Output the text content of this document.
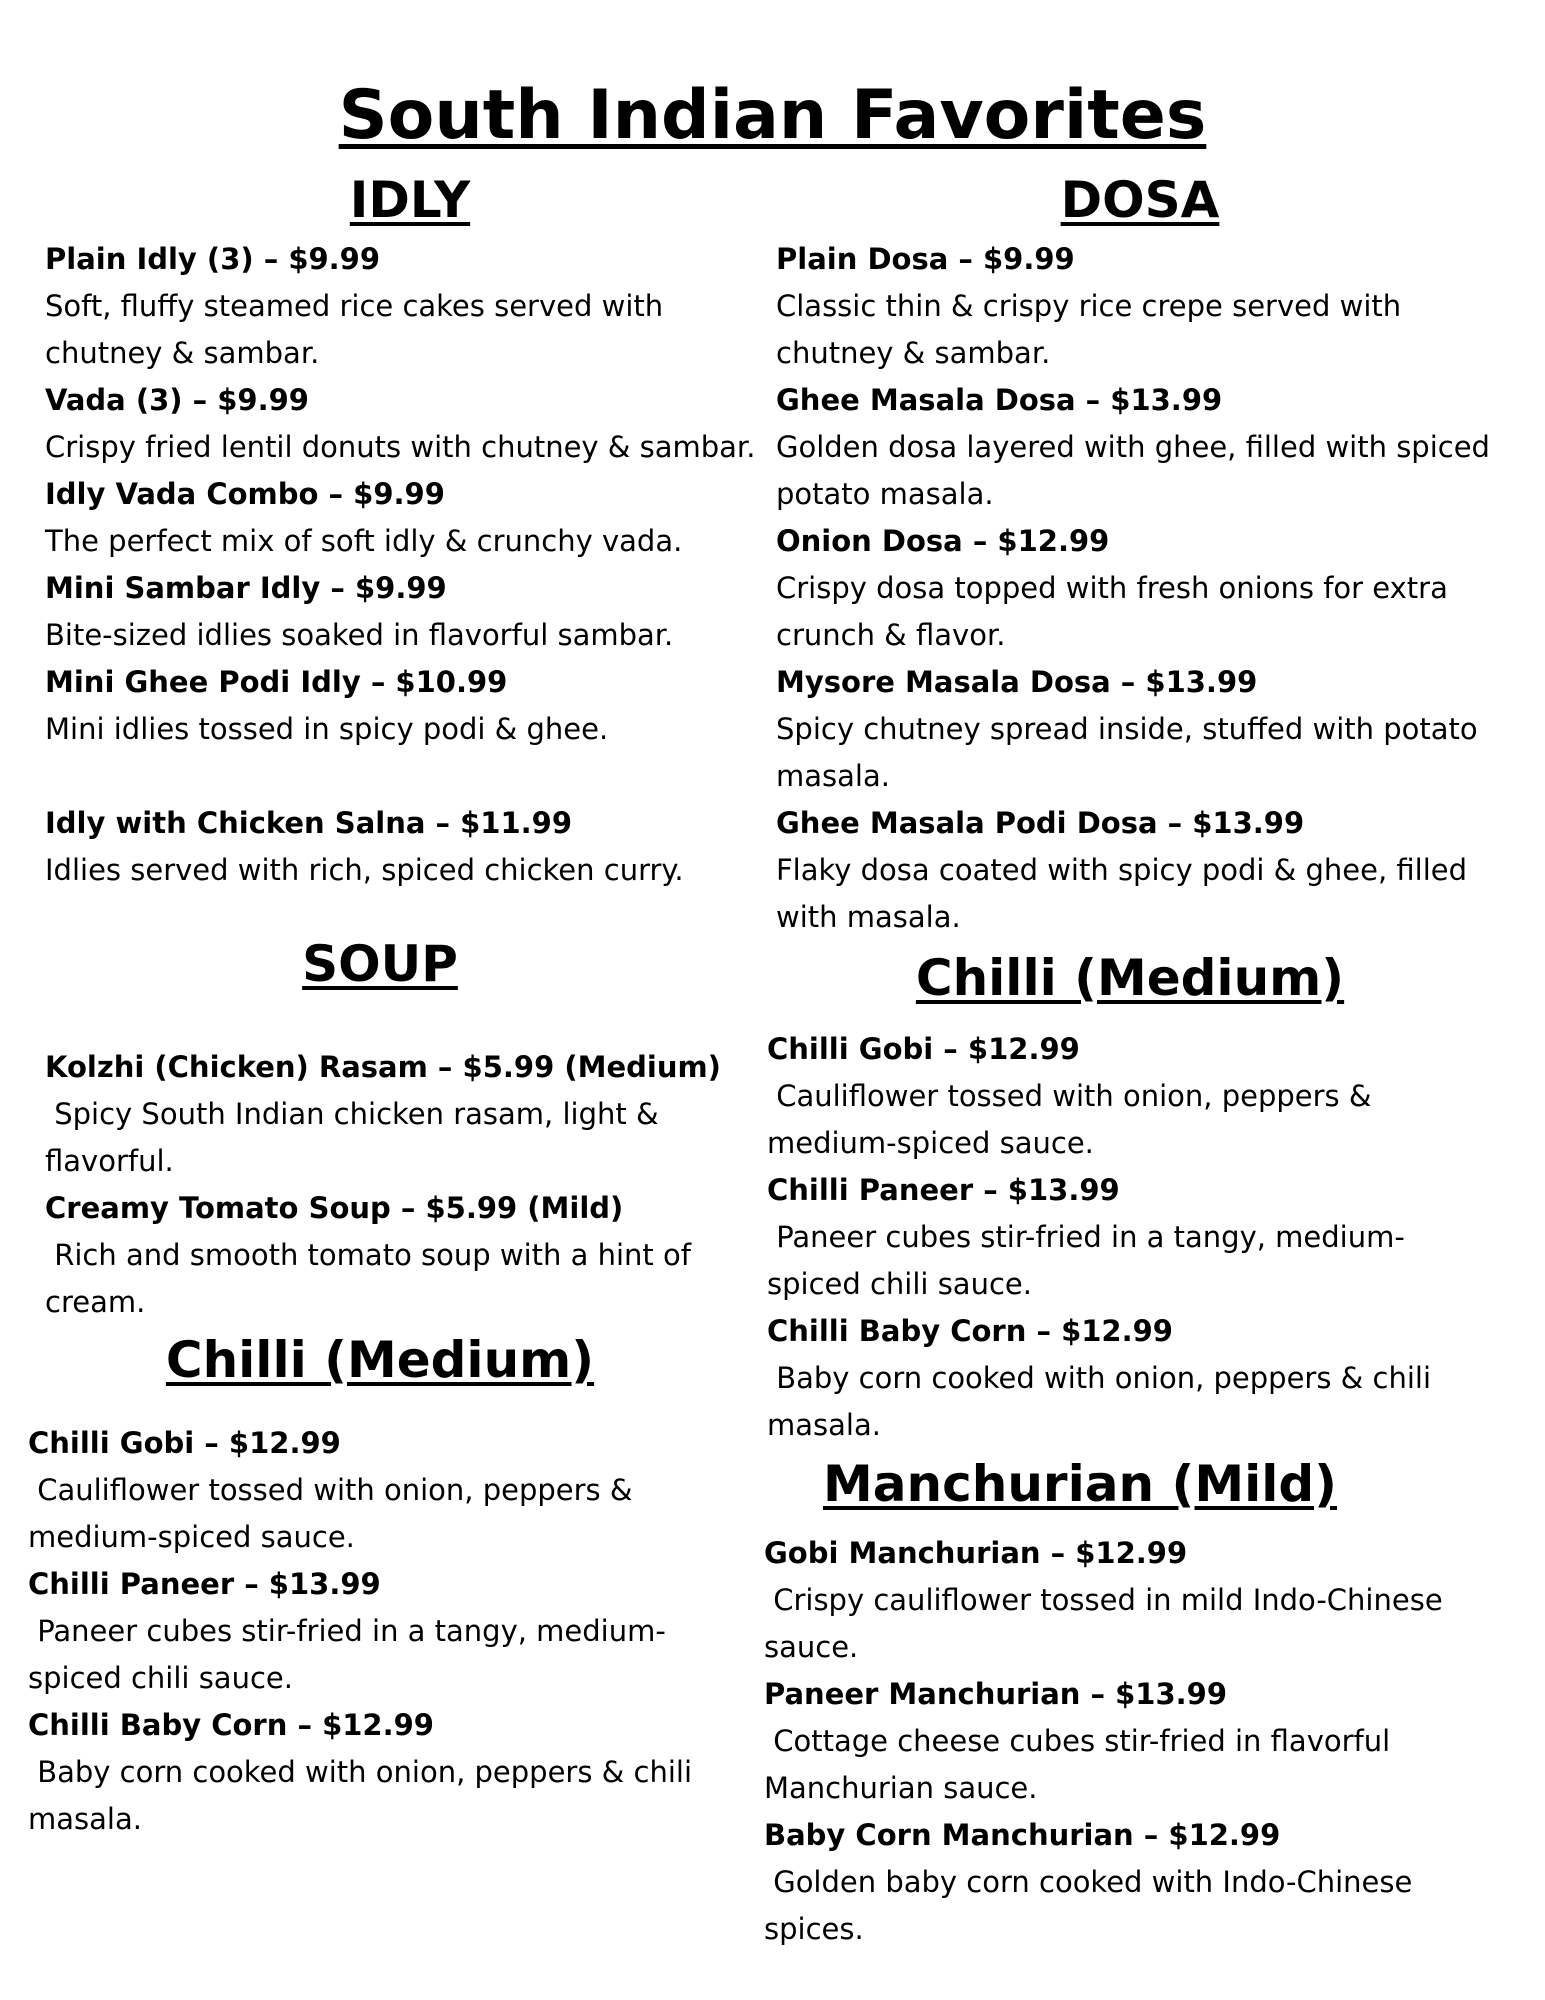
South Indian Favorites
IDLY
Plain Idly (3) – $9.99
Soft, fluffy steamed rice cakes served with chutney & sambar.
Vada (3) – $9.99
Crispy fried lentil donuts with chutney & sambar.
Idly Vada Combo – $9.99
The perfect mix of soft idly & crunchy vada.
Mini Sambar Idly – $9.99
Bite-sized idlies soaked in flavorful sambar.
Mini Ghee Podi Idly – $10.99
Mini idlies tossed in spicy podi & ghee.
Idly with Chicken Salna – $11.99
Idlies served with rich, spiced chicken curry.
DOSA
Plain Dosa – $9.99
Classic thin & crispy rice crepe served with chutney & sambar.
Ghee Masala Dosa – $13.99
Golden dosa layered with ghee, filled with spiced potato masala.
Onion Dosa – $12.99
Crispy dosa topped with fresh onions for extra crunch & flavor.
Mysore Masala Dosa – $13.99
Spicy chutney spread inside, stuffed with potato masala.
Ghee Masala Podi Dosa – $13.99
Flaky dosa coated with spicy podi & ghee, filled with masala.
SOUP
Kolzhi (Chicken) Rasam – $5.99 (Medium)
Spicy South Indian chicken rasam, light & flavorful.
Creamy Tomato Soup – $5.99 (Mild)
Rich and smooth tomato soup with a hint of cream.
Chilli (Medium)
Chilli Gobi – $12.99
Cauliflower tossed with onion, peppers & medium-spiced sauce.
Chilli Paneer – $13.99
Paneer cubes stir-fried in a tangy, medium-spiced chili sauce.
Chilli Baby Corn – $12.99
Baby corn cooked with onion, peppers & chili masala.
Chilli (Medium)
Chilli Gobi – $12.99
Cauliflower tossed with onion, peppers & medium-spiced sauce.
Chilli Paneer – $13.99
Paneer cubes stir-fried in a tangy, medium-spiced chili sauce.
Chilli Baby Corn – $12.99
Baby corn cooked with onion, peppers & chili masala.
Manchurian (Mild)
Gobi Manchurian – $12.99
Crispy cauliflower tossed in mild Indo-Chinese sauce.
Paneer Manchurian – $13.99
Cottage cheese cubes stir-fried in flavorful Manchurian sauce.
Baby Corn Manchurian – $12.99
Golden baby corn cooked with Indo-Chinese spices.
